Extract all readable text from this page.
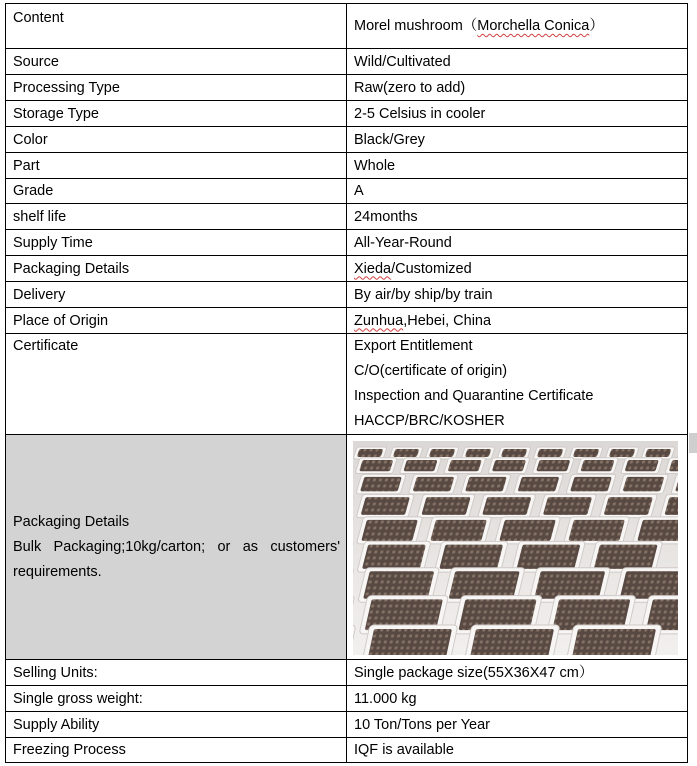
Content	Morel mushroom（Morchella Conica）
Source	Wild/Cultivated
Processing Type	Raw(zero to add)
Storage Type	2-5 Celsius in cooler
Color	Black/Grey
Part	Whole
Grade	A
shelf life	24months
Supply Time	All-Year-Round
Packaging Details	Xieda/Customized
Delivery	By air/by ship/by train
Place of Origin	Zunhua,Hebei, China
Certificate	Export Entitlement
C/O(certificate of origin)
Inspection and Quarantine Certificate
HACCP/BRC/KOSHER

Packaging Details
Bulk Packaging;10kg/carton; or as customers' requirements.

Selling Units:	Single package size(55X36X47 cm）
Single gross weight:	11.000 kg
Supply Ability	10 Ton/Tons per Year
Freezing Process	IQF is available
